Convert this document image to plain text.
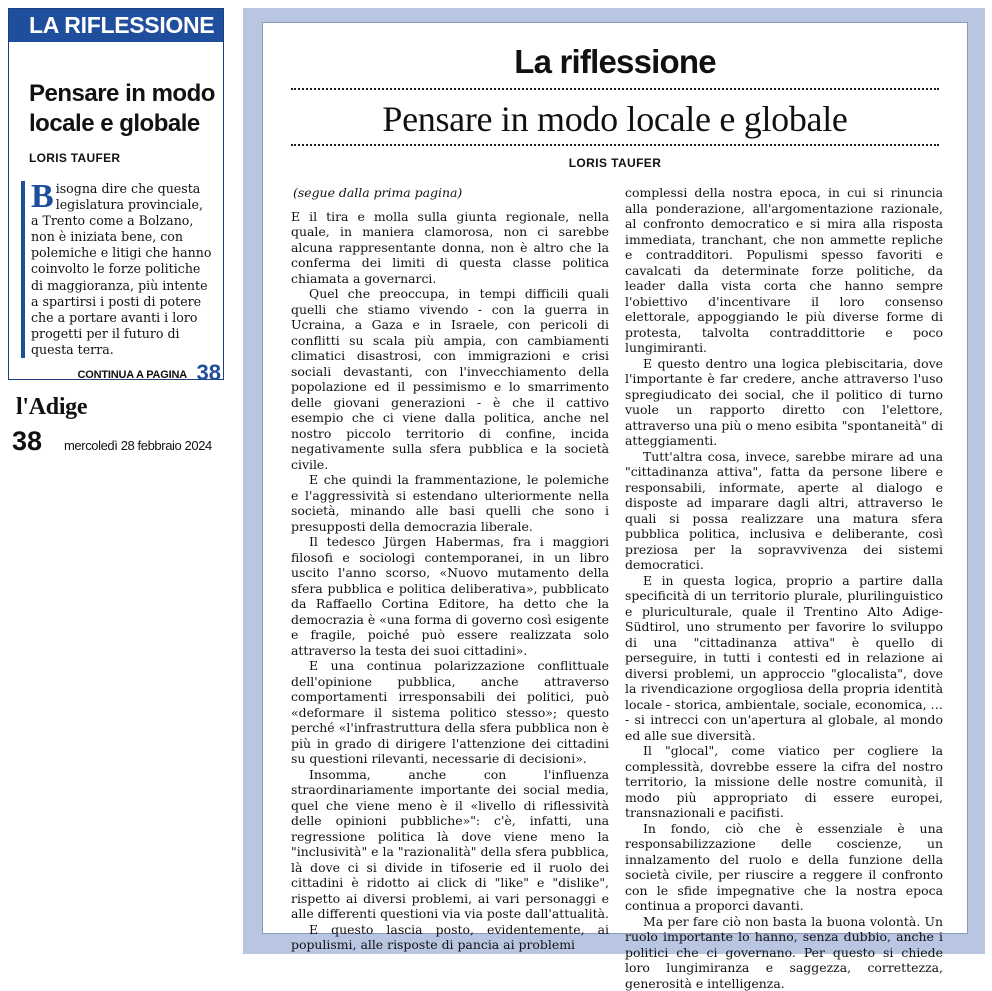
LA RIFLESSIONE
Pensare in modo locale e globale
LORIS TAUFER
Bisogna dire che questa legislatura provinciale, a Trento come a Bolzano, non è iniziata bene, con polemiche e litigi che hanno coinvolto le forze politiche di maggioranza, più intente a spartirsi i posti di potere che a portare avanti i loro progetti per il futuro di questa terra.
CONTINUA A PAGINA 38
l'Adige
38 mercoledì 28 febbraio 2024
La riflessione
Pensare in modo locale e globale
LORIS TAUFER

(segue dalla prima pagina)

E il tira e molla sulla giunta regionale, nella quale, in maniera clamorosa, non ci sarebbe alcuna rappresentante donna, non è altro che la conferma dei limiti di questa classe politica chiamata a governarci.

Quel che preoccupa, in tempi difficili quali quelli che stiamo vivendo - con la guerra in Ucraina, a Gaza e in Israele, con pericoli di conflitti su scala più ampia, con cambiamenti climatici disastrosi, con immigrazioni e crisi sociali devastanti, con l'invecchiamento della popolazione ed il pessimismo e lo smarrimento delle giovani generazioni - è che il cattivo esempio che ci viene dalla politica, anche nel nostro piccolo territorio di confine, incida negativamente sulla sfera pubblica e la società civile.

E che quindi la frammentazione, le polemiche e l'aggressività si estendano ulteriormente nella società, minando alle basi quelli che sono i presupposti della democrazia liberale.

Il tedesco Jürgen Habermas, fra i maggiori filosofi e sociologi contemporanei, in un libro uscito l'anno scorso, «Nuovo mutamento della sfera pubblica e politica deliberativa», pubblicato da Raffaello Cortina Editore, ha detto che la democrazia è «una forma di governo così esigente e fragile, poiché può essere realizzata solo attraverso la testa dei suoi cittadini».

E una continua polarizzazione conflittuale dell'opinione pubblica, anche attraverso comportamenti irresponsabili dei politici, può «deformare il sistema politico stesso»; questo perché «l'infrastruttura della sfera pubblica non è più in grado di dirigere l'attenzione dei cittadini su questioni rilevanti, necessarie di decisioni».

Insomma, anche con l'influenza straordinariamente importante dei social media, quel che viene meno è il «livello di riflessività delle opinioni pubbliche»": c'è, infatti, una regressione politica là dove viene meno la "inclusività" e la "razionalità" della sfera pubblica, là dove ci si divide in tifoserie ed il ruolo dei cittadini è ridotto ai click di "like" e "dislike", rispetto ai diversi problemi, ai vari personaggi e alle differenti questioni via via poste dall'attualità.

E questo lascia posto, evidentemente, ai populismi, alle risposte di pancia ai problemi

complessi della nostra epoca, in cui si rinuncia alla ponderazione, all'argomentazione razionale, al confronto democratico e si mira alla risposta immediata, tranchant, che non ammette repliche e contradditori. Populismi spesso favoriti e cavalcati da determinate forze politiche, da leader dalla vista corta che hanno sempre l'obiettivo d'incentivare il loro consenso elettorale, appoggiando le più diverse forme di protesta, talvolta contraddittorie e poco lungimiranti.

E questo dentro una logica plebiscitaria, dove l'importante è far credere, anche attraverso l'uso spregiudicato dei social, che il politico di turno vuole un rapporto diretto con l'elettore, attraverso una più o meno esibita "spontaneità" di atteggiamenti.

Tutt'altra cosa, invece, sarebbe mirare ad una "cittadinanza attiva", fatta da persone libere e responsabili, informate, aperte al dialogo e disposte ad imparare dagli altri, attraverso le quali si possa realizzare una matura sfera pubblica politica, inclusiva e deliberante, così preziosa per la sopravvivenza dei sistemi democratici.

E in questa logica, proprio a partire dalla specificità di un territorio plurale, plurilinguistico e pluriculturale, quale il Trentino Alto Adige-Südtirol, uno strumento per favorire lo sviluppo di una "cittadinanza attiva" è quello di perseguire, in tutti i contesti ed in relazione ai diversi problemi, un approccio "glocalista", dove la rivendicazione orgogliosa della propria identità locale - storica, ambientale, sociale, economica, … - si intrecci con un'apertura al globale, al mondo ed alle sue diversità.

Il "glocal", come viatico per cogliere la complessità, dovrebbe essere la cifra del nostro territorio, la missione delle nostre comunità, il modo più appropriato di essere europei, transnazionali e pacifisti.

In fondo, ciò che è essenziale è una responsabilizzazione delle coscienze, un innalzamento del ruolo e della funzione della società civile, per riuscire a reggere il confronto con le sfide impegnative che la nostra epoca continua a proporci davanti.

Ma per fare ciò non basta la buona volontà. Un ruolo importante lo hanno, senza dubbio, anche i politici che ci governano. Per questo si chiede loro lungimiranza e saggezza, correttezza, generosità e intelligenza.
